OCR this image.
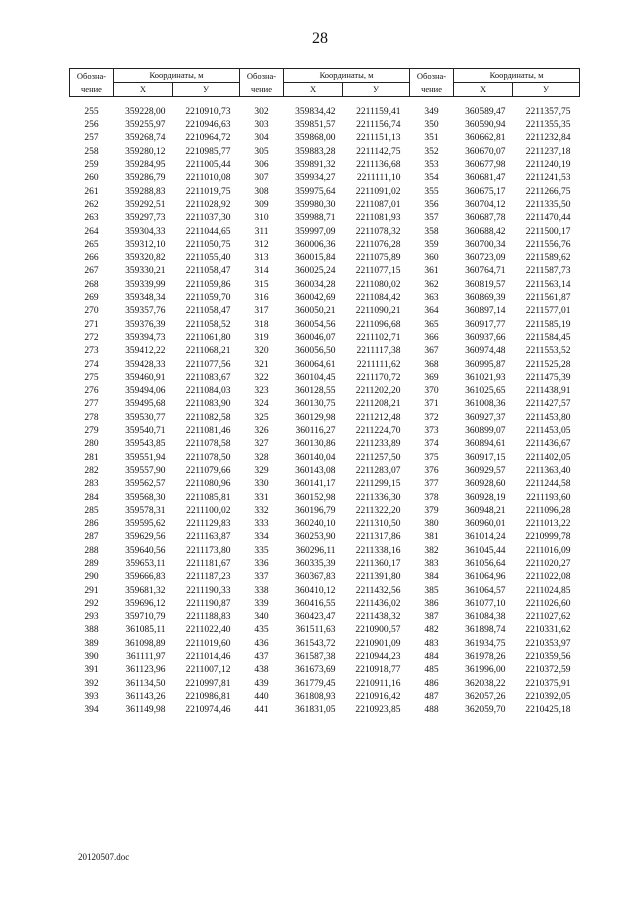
28
Обозна-	Координаты, м		Обозна-	Координаты, м		Обозна-	Координаты, м	
чение	X	У	чение	X	У	чение	X	У
255	359228,00	2210910,73	302	359834,42	2211159,41	349	360589,47	2211357,75
256	359255,97	2210946,63	303	359851,57	2211156,74	350	360590,94	2211355,35
257	359268,74	2210964,72	304	359868,00	2211151,13	351	360662,81	2211232,84
258	359280,12	2210985,77	305	359883,28	2211142,75	352	360670,07	2211237,18
259	359284,95	2211005,44	306	359891,32	2211136,68	353	360677,98	2211240,19
260	359286,79	2211010,08	307	359934,27	2211111,10	354	360681,47	2211241,53
261	359288,83	2211019,75	308	359975,64	2211091,02	355	360675,17	2211266,75
262	359292,51	2211028,92	309	359980,30	2211087,01	356	360704,12	2211335,50
263	359297,73	2211037,30	310	359988,71	2211081,93	357	360687,78	2211470,44
264	359304,33	2211044,65	311	359997,09	2211078,32	358	360688,42	2211500,17
265	359312,10	2211050,75	312	360006,36	2211076,28	359	360700,34	2211556,76
266	359320,82	2211055,40	313	360015,84	2211075,89	360	360723,09	2211589,62
267	359330,21	2211058,47	314	360025,24	2211077,15	361	360764,71	2211587,73
268	359339,99	2211059,86	315	360034,28	2211080,02	362	360819,57	2211563,14
269	359348,34	2211059,70	316	360042,69	2211084,42	363	360869,39	2211561,87
270	359357,76	2211058,47	317	360050,21	2211090,21	364	360897,14	2211577,01
271	359376,39	2211058,52	318	360054,56	2211096,68	365	360917,77	2211585,19
272	359394,73	2211061,80	319	360046,07	2211102,71	366	360937,66	2211584,45
273	359412,22	2211068,21	320	360056,50	2211117,38	367	360974,48	2211553,52
274	359428,33	2211077,56	321	360064,61	2211111,62	368	360995,87	2211525,28
275	359460,91	2211083,67	322	360104,45	2211170,72	369	361021,93	2211475,39
276	359494,06	2211084,03	323	360128,55	2211202,20	370	361025,65	2211438,91
277	359495,68	2211083,90	324	360130,75	2211208,21	371	361008,36	2211427,57
278	359530,77	2211082,58	325	360129,98	2211212,48	372	360927,37	2211453,80
279	359540,71	2211081,46	326	360116,27	2211224,70	373	360899,07	2211453,05
280	359543,85	2211078,58	327	360130,86	2211233,89	374	360894,61	2211436,67
281	359551,94	2211078,50	328	360140,04	2211257,50	375	360917,15	2211402,05
282	359557,90	2211079,66	329	360143,08	2211283,07	376	360929,57	2211363,40
283	359562,57	2211080,96	330	360141,17	2211299,15	377	360928,60	2211244,58
284	359568,30	2211085,81	331	360152,98	2211336,30	378	360928,19	2211193,60
285	359578,31	2211100,02	332	360196,79	2211322,20	379	360948,21	2211096,28
286	359595,62	2211129,83	333	360240,10	2211310,50	380	360960,01	2211013,22
287	359629,56	2211163,87	334	360253,90	2211317,86	381	361014,24	2210999,78
288	359640,56	2211173,80	335	360296,11	2211338,16	382	361045,44	2211016,09
289	359653,11	2211181,67	336	360335,39	2211360,17	383	361056,64	2211020,27
290	359666,83	2211187,23	337	360367,83	2211391,80	384	361064,96	2211022,08
291	359681,32	2211190,33	338	360410,12	2211432,56	385	361064,57	2211024,85
292	359696,12	2211190,87	339	360416,55	2211436,02	386	361077,10	2211026,60
293	359710,79	2211188,83	340	360423,47	2211438,32	387	361084,38	2211027,62
388	361085,11	2211022,40	435	361511,63	2210900,57	482	361898,74	2210331,62
389	361098,89	2211019,60	436	361543,72	2210901,09	483	361934,75	2210353,97
390	361111,97	2211014,46	437	361587,38	2210944,23	484	361978,26	2210359,56
391	361123,96	2211007,12	438	361673,69	2210918,77	485	361996,00	2210372,59
392	361134,50	2210997,81	439	361779,45	2210911,16	486	362038,22	2210375,91
393	361143,26	2210986,81	440	361808,93	2210916,42	487	362057,26	2210392,05
394	361149,98	2210974,46	441	361831,05	2210923,85	488	362059,70	2210425,18
20120507.doc
